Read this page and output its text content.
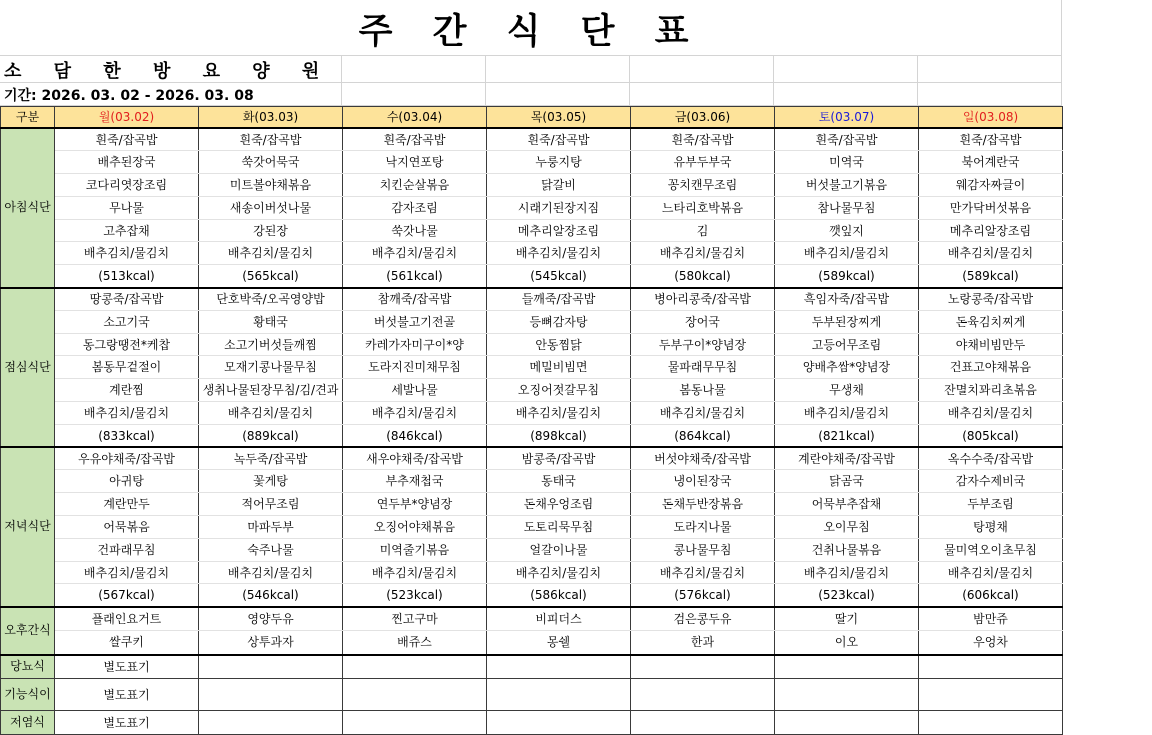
주 간 식 단 표
소 담 한 방 요 양 원
기간: 2026. 03. 02 - 2026. 03. 08
구분	월(03.02)	화(03.03)	수(03.04)	목(03.05)	금(03.06)	토(03.07)	일(03.08)
아침식단	흰죽/잡곡밥	흰죽/잡곡밥	흰죽/잡곡밥	흰죽/잡곡밥	흰죽/잡곡밥	흰죽/잡곡밥	흰죽/잡곡밥
	배추된장국	쑥갓어묵국	낙지연포탕	누룽지탕	유부두부국	미역국	북어계란국
	코다리엿장조림	미트볼야채볶음	치킨순살볶음	닭갈비	꽁치캔무조림	버섯불고기볶음	웨감자짜글이
	무나물	새송이버섯나물	감자조림	시래기된장지짐	느타리호박볶음	참나물무침	만가닥버섯볶음
	고추잡채	강된장	쑥갓나물	메추리알장조림	김	깻잎지	메추리알장조림
	배추김치/물김치	배추김치/물김치	배추김치/물김치	배추김치/물김치	배추김치/물김치	배추김치/물김치	배추김치/물김치
	(513kcal)	(565kcal)	(561kcal)	(545kcal)	(580kcal)	(589kcal)	(589kcal)
점심식단	땅콩죽/잡곡밥	단호박죽/오곡영양밥	참깨죽/잡곡밥	들깨죽/잡곡밥	병아리콩죽/잡곡밥	흑임자죽/잡곡밥	노랑콩죽/잡곡밥
	소고기국	황태국	버섯불고기전골	등뼈감자탕	장어국	두부된장찌게	돈육김치찌게
	동그랑땡전*케찹	소고기버섯들깨찜	카레가자미구이*양	안동찜닭	두부구이*양념장	고등어무조림	야채비빔만두
	봄동무겉절이	모재기콩나물무침	도라지진미채무침	메밀비빔면	물파래무무침	양배추쌈*양념장	건표고야채볶음
	계란찜	생취나물된장무침/김/견과	세발나물	오징어젓갈무침	봄동나물	무생채	잔멸치꽈리초볶음
	배추김치/물김치	배추김치/물김치	배추김치/물김치	배추김치/물김치	배추김치/물김치	배추김치/물김치	배추김치/물김치
	(833kcal)	(889kcal)	(846kcal)	(898kcal)	(864kcal)	(821kcal)	(805kcal)
저녁식단	우유야채죽/잡곡밥	녹두죽/잡곡밥	새우야채죽/잡곡밥	밤콩죽/잡곡밥	버섯야채죽/잡곡밥	계란야채죽/잡곡밥	옥수수죽/잡곡밥
	아귀탕	꽃게탕	부추재첩국	동태국	냉이된장국	닭곰국	감자수제비국
	계란만두	적어무조림	연두부*양념장	돈채우엉조림	돈채두반장볶음	어묵부추잡채	두부조림
	어묵볶음	마파두부	오징어야채볶음	도토리묵무침	도라지나물	오이무침	탕평채
	건파래무침	숙주나물	미역줄기볶음	얼갈이나물	콩나물무침	건취나물볶음	물미역오이초무침
	배추김치/물김치	배추김치/물김치	배추김치/물김치	배추김치/물김치	배추김치/물김치	배추김치/물김치	배추김치/물김치
	(567kcal)	(546kcal)	(523kcal)	(586kcal)	(576kcal)	(523kcal)	(606kcal)
오후간식	플래인요거트	영양두유	찐고구마	비피더스	검은콩두유	딸기	밤만쥬
	쌀쿠키	상투과자	배쥬스	몽쉘	한과	이오	우엉차
당뇨식	별도표기						
기능식이	별도표기						
저염식	별도표기						
